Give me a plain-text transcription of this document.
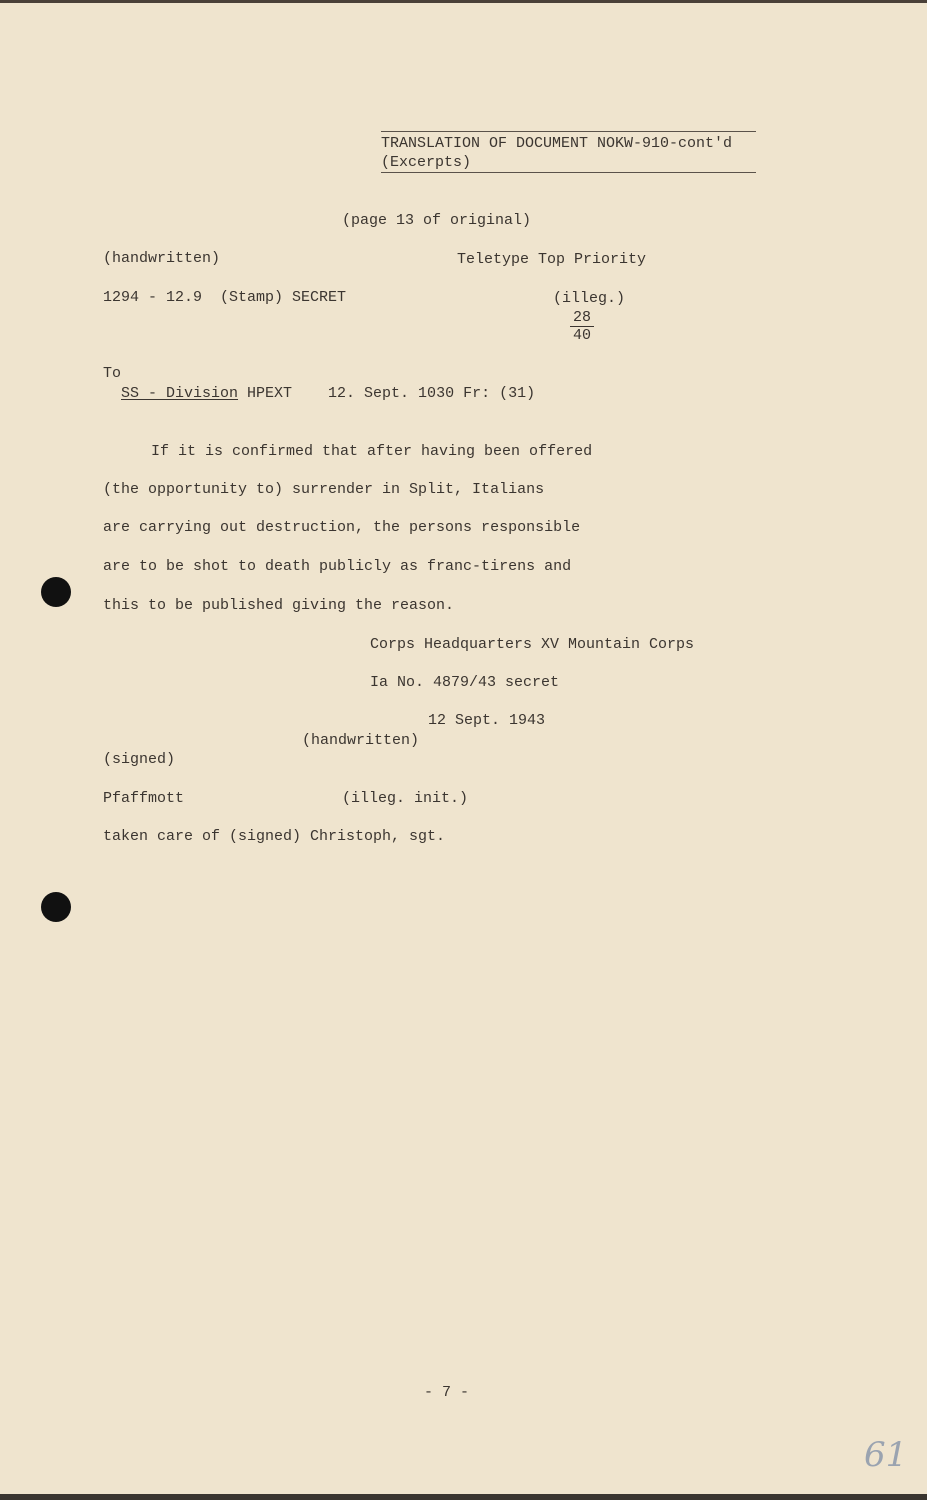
TRANSLATION OF DOCUMENT NOKW-910-cont'd
(Excerpts)
(page 13 of original)
(handwritten)	Teletype Top Priority
1294 - 12.9  (Stamp) SECRET	(illeg.)
$\frac{28}{40}$
To
SS - Division HPEXT    12. Sept. 1030 Fr: (31)
If it is confirmed that after having been offered
(the opportunity to) surrender in Split, Italians
are carrying out destruction, the persons responsible
are to be shot to death publicly as franc-tirens and
this to be published giving the reason.
Corps Headquarters XV Mountain Corps
Ia No. 4879/43 secret
12 Sept. 1943
(handwritten)
(signed)
Pfaffmott	(illeg. init.)
taken care of (signed) Christoph, sgt.
- 7 -
61
